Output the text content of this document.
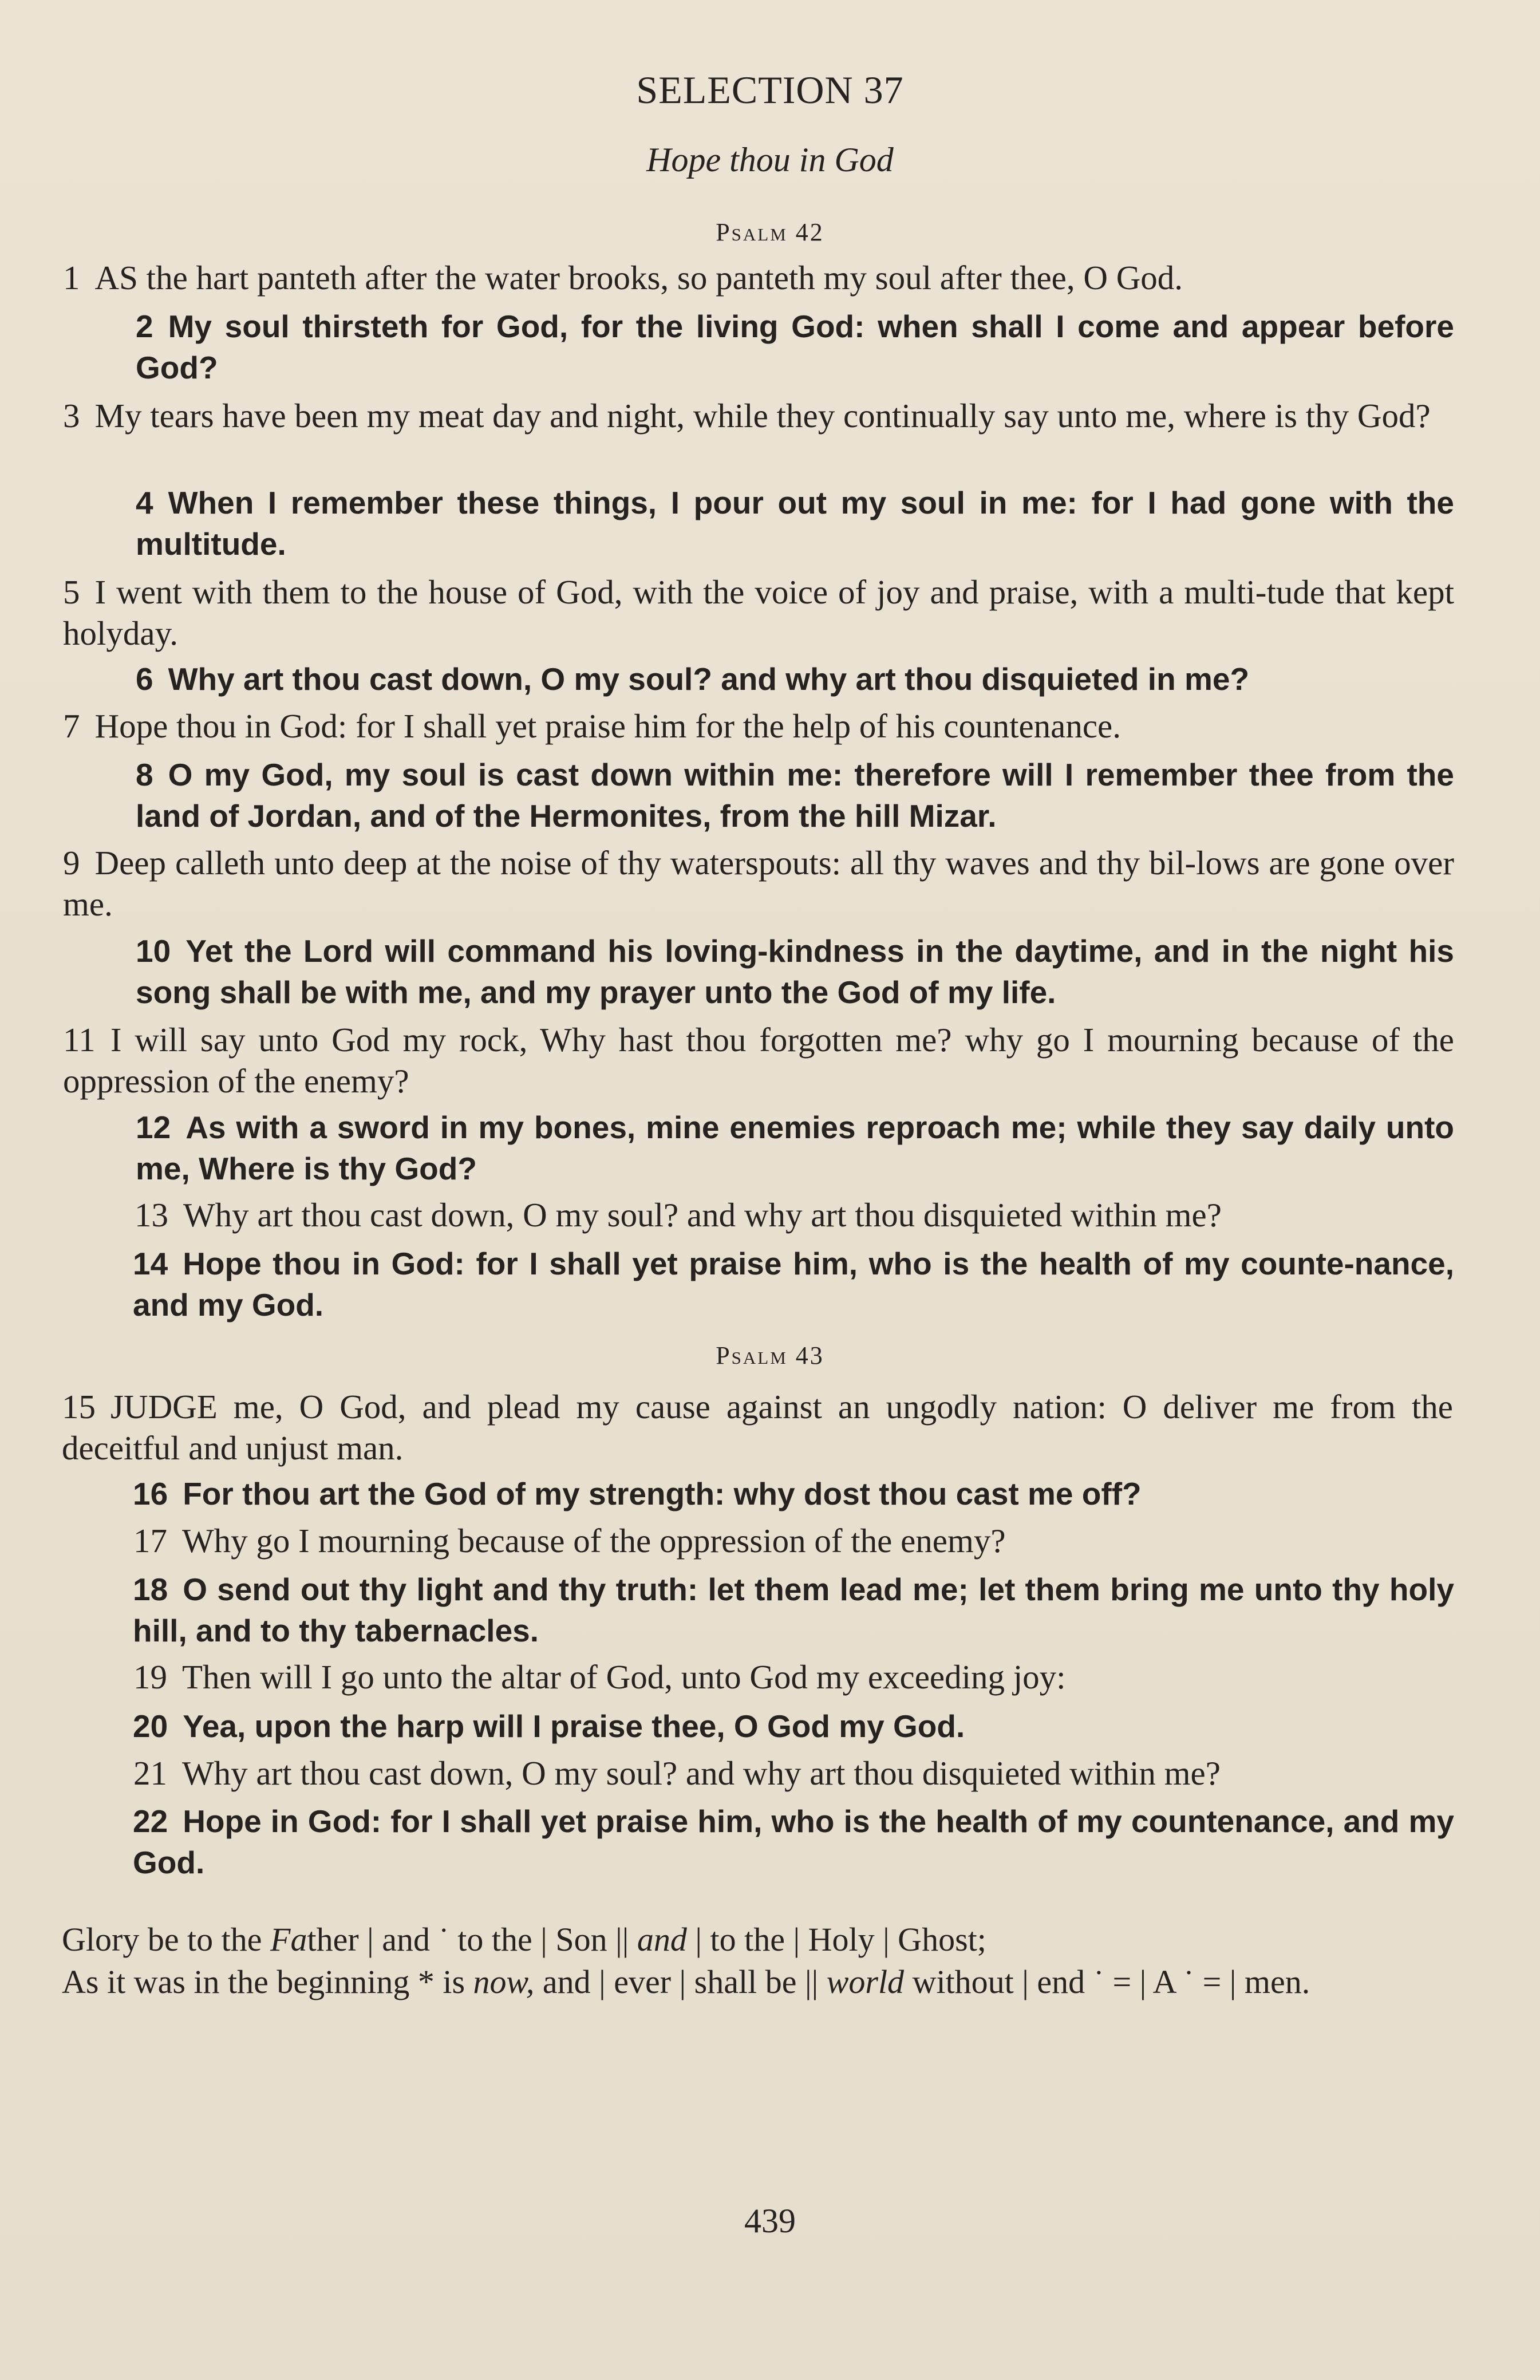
SELECTION 37
Hope thou in God
Psalm 42

1 AS the hart panteth after the water brooks, so panteth my soul after thee, O God.

2 My soul thirsteth for God, for the living God: when shall I come and appear before God?

3 My tears have been my meat day and night, while they continually say unto me, where is thy God?

4 When I remember these things, I pour out my soul in me: for I had gone with the multitude.

5 I went with them to the house of God, with the voice of joy and praise, with a multi-tude that kept holyday.

6 Why art thou cast down, O my soul? and why art thou disquieted in me?

7 Hope thou in God: for I shall yet praise him for the help of his countenance.

8 O my God, my soul is cast down within me: therefore will I remember thee from the land of Jordan, and of the Hermonites, from the hill Mizar.

9 Deep calleth unto deep at the noise of thy waterspouts: all thy waves and thy bil-lows are gone over me.

10 Yet the Lord will command his loving-kindness in the daytime, and in the night his song shall be with me, and my prayer unto the God of my life.

11 I will say unto God my rock, Why hast thou forgotten me? why go I mourning because of the oppression of the enemy?

12 As with a sword in my bones, mine enemies reproach me; while they say daily unto me, Where is thy God?

13 Why art thou cast down, O my soul? and why art thou disquieted within me?

14 Hope thou in God: for I shall yet praise him, who is the health of my counte-nance, and my God.

Psalm 43

15 JUDGE me, O God, and plead my cause against an ungodly nation: O deliver me from the deceitful and unjust man.

16 For thou art the God of my strength: why dost thou cast me off?

17 Why go I mourning because of the oppression of the enemy?

18 O send out thy light and thy truth: let them lead me; let them bring me unto thy holy hill, and to thy tabernacles.

19 Then will I go unto the altar of God, unto God my exceeding joy:

20 Yea, upon the harp will I praise thee, O God my God.

21 Why art thou cast down, O my soul? and why art thou disquieted within me?

22 Hope in God: for I shall yet praise him, who is the health of my countenance, and my God.

Glory be to the Father | and ˙ to the | Son || and | to the | Holy | Ghost;

As it was in the beginning * is now, and | ever | shall be || world without | end ˙ = | A ˙ = | men.

439
